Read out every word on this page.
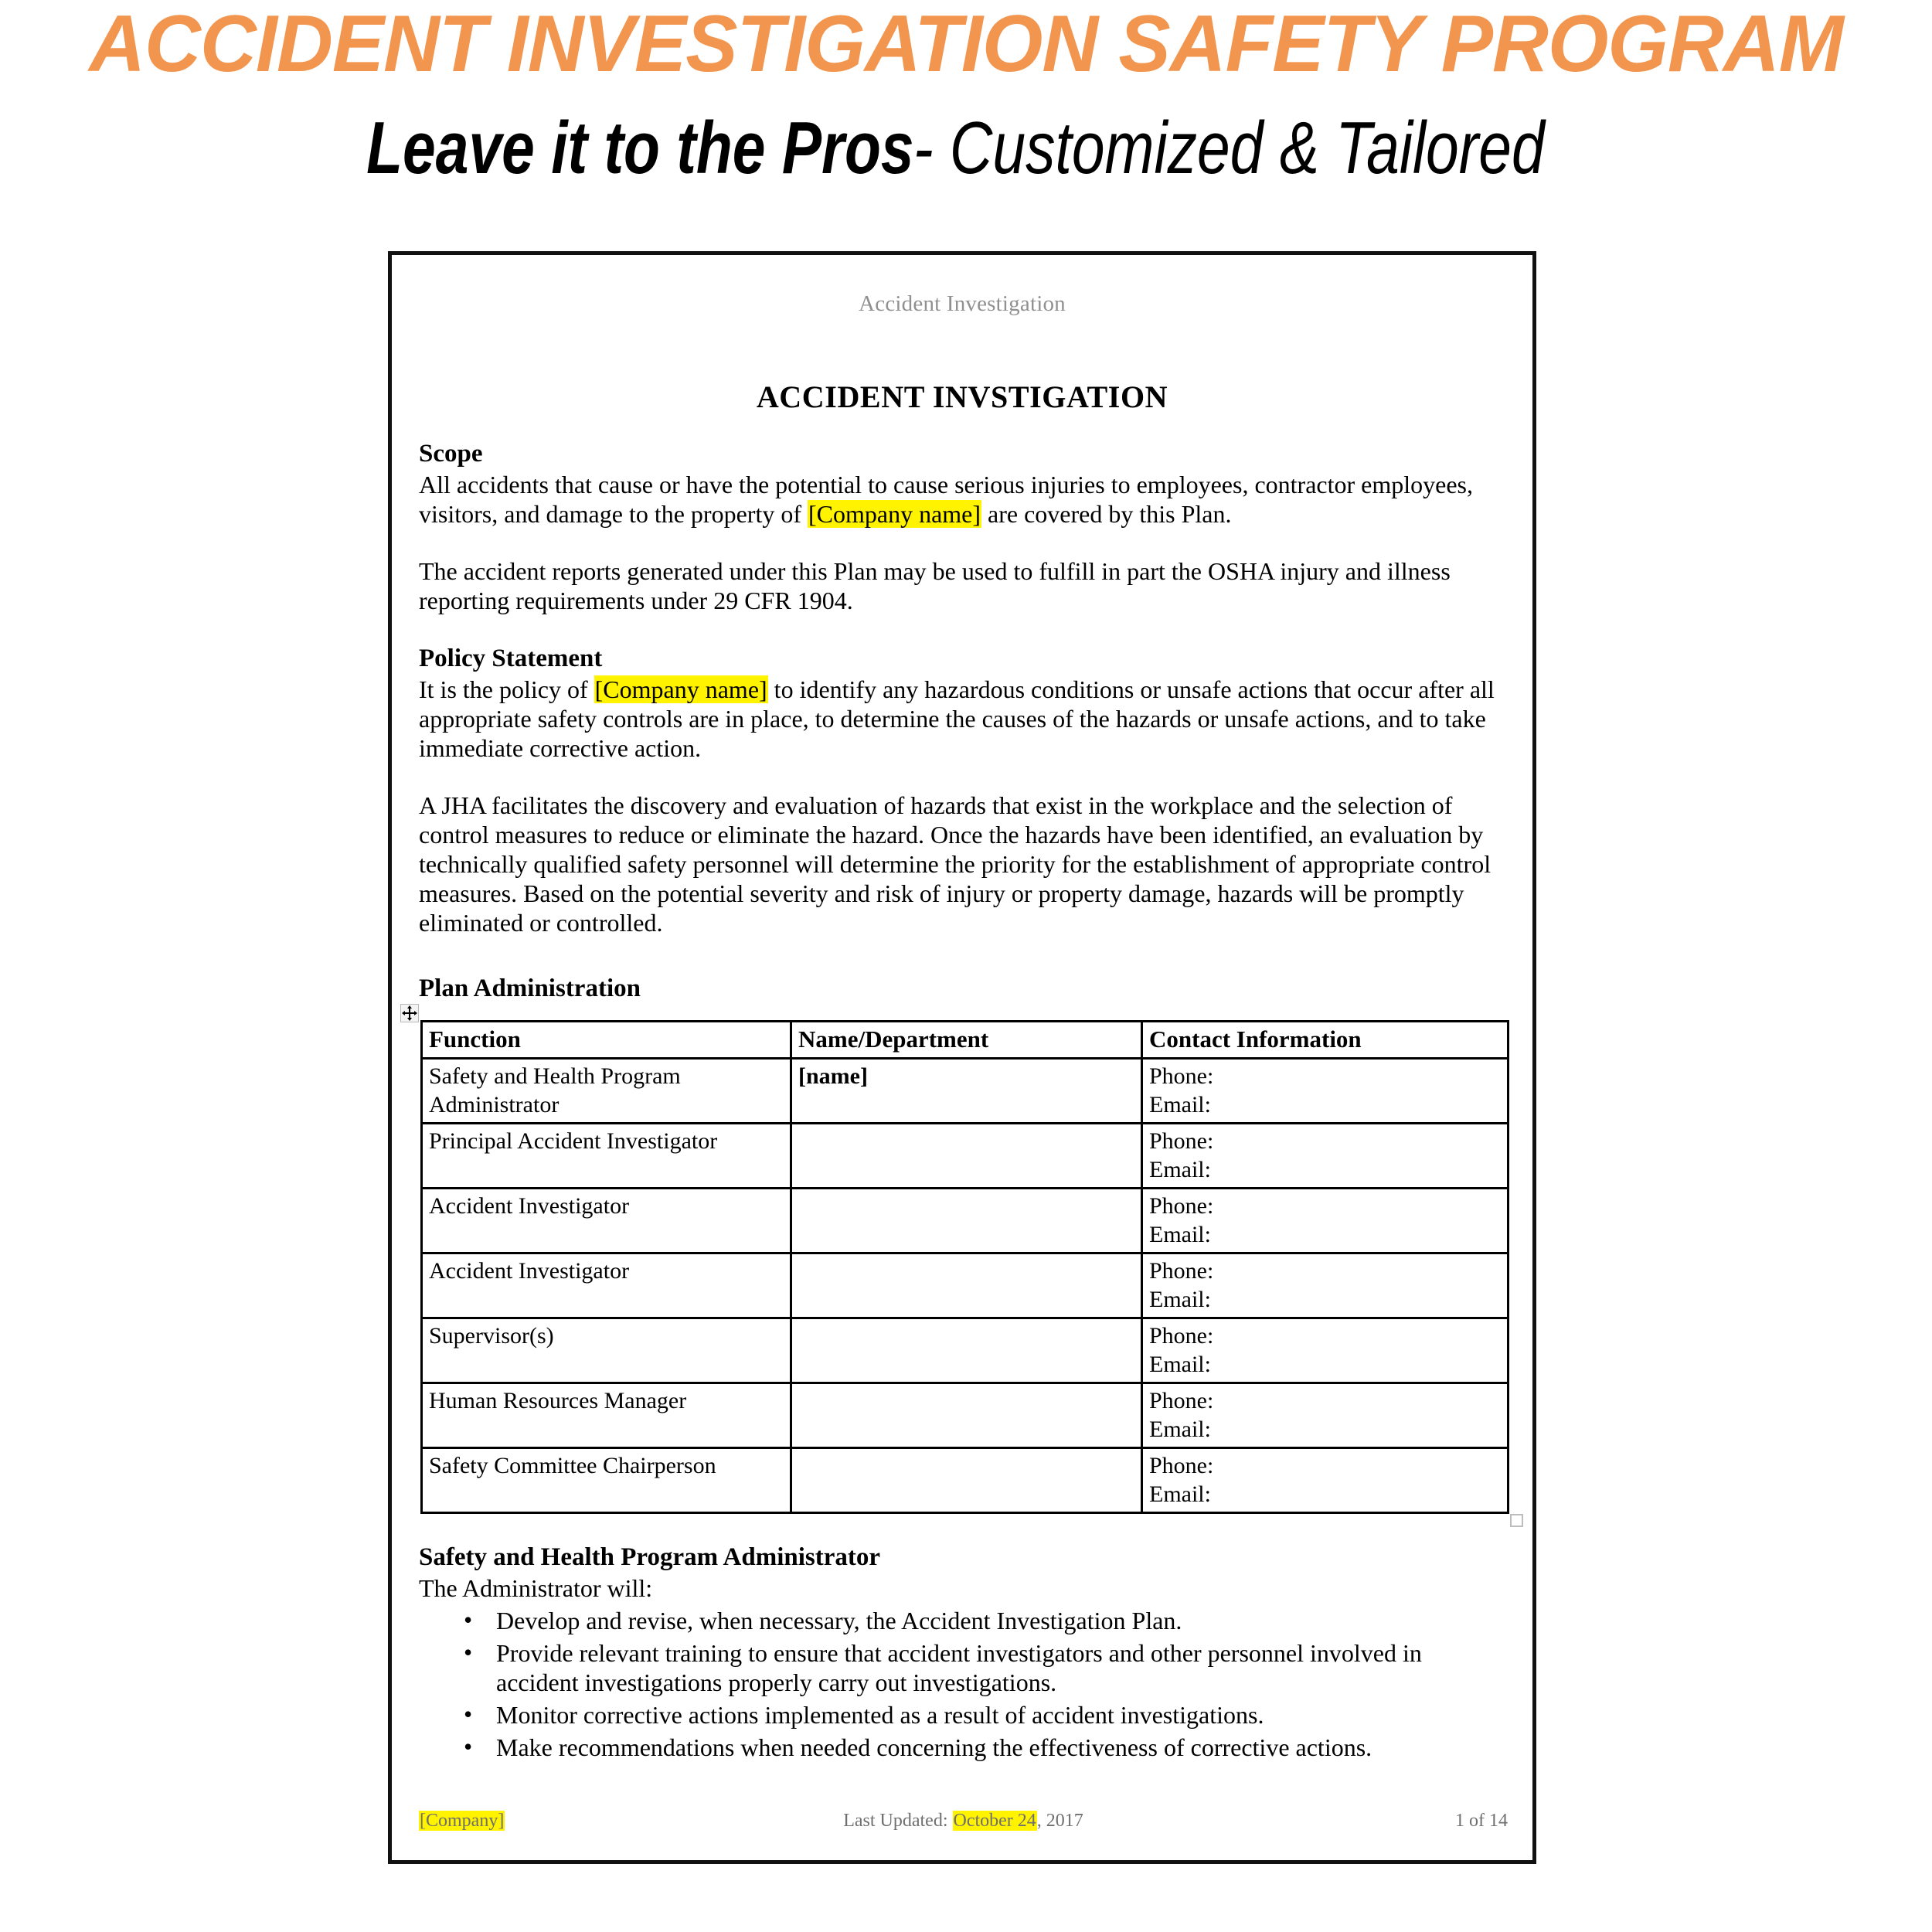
ACCIDENT INVESTIGATION SAFETY PROGRAM
Leave it to the Pros- Customized & Tailored
Accident Investigation
ACCIDENT INVSTIGATION
Scope

All accidents that cause or have the potential to cause serious injuries to employees, contractor employees, visitors, and damage to the property of [Company name] are covered by this Plan.

The accident reports generated under this Plan may be used to fulfill in part the OSHA injury and illness reporting requirements under 29 CFR 1904.

Policy Statement

It is the policy of [Company name] to identify any hazardous conditions or unsafe actions that occur after all appropriate safety controls are in place, to determine the causes of the hazards or unsafe actions, and to take immediate corrective action.

A JHA facilitates the discovery and evaluation of hazards that exist in the workplace and the selection of control measures to reduce or eliminate the hazard. Once the hazards have been identified, an evaluation by technically qualified safety personnel will determine the priority for the establishment of appropriate control measures. Based on the potential severity and risk of injury or property damage, hazards will be promptly eliminated or controlled.

Plan Administration
Function	Name/Department	Contact Information
Safety and Health Program Administrator	[name]	Phone:
Email:

Principal Accident Investigator		Phone:
Email:

Accident Investigator		Phone:
Email:

Accident Investigator		Phone:
Email:

Supervisor(s)		Phone:
Email:

Human Resources Manager		Phone:
Email:

Safety Committee Chairperson		Phone:
Email:
Safety and Health Program Administrator

The Administrator will:

• Develop and revise, when necessary, the Accident Investigation Plan.
• Provide relevant training to ensure that accident investigators and other personnel involved in accident investigations properly carry out investigations.
• Monitor corrective actions implemented as a result of accident investigations.
• Make recommendations when needed concerning the effectiveness of corrective actions.
[Company]	Last Updated: October 24, 2017	1 of 14
